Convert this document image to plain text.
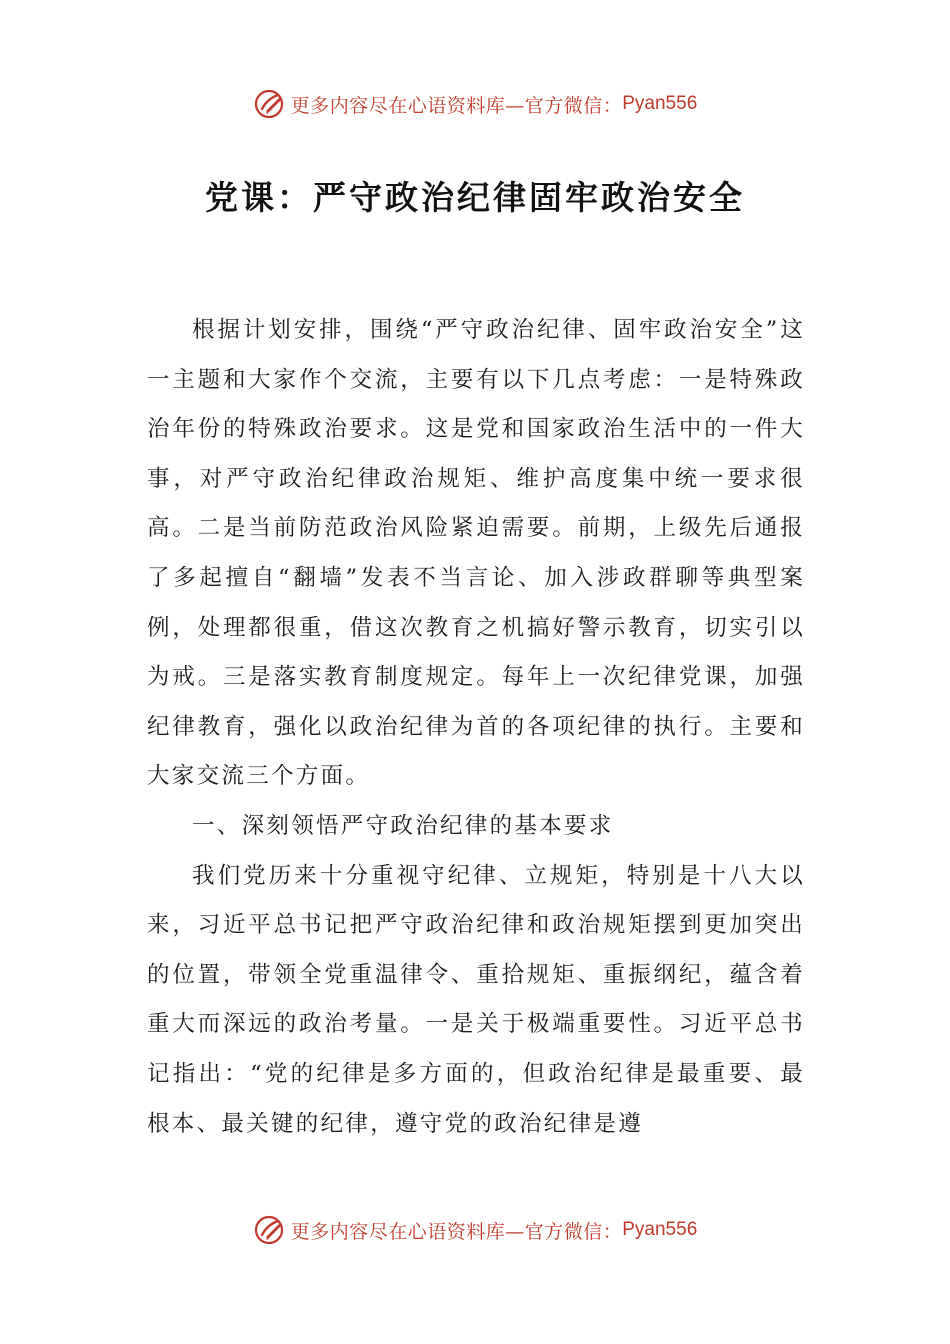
更多内容尽在心语资料库—官方微信： Pyan556
党课：严守政治纪律固牢政治安全

根据计划安排，围绕“严守政治纪律、固牢政治安全”这一主题和大家作个交流，主要有以下几点考虑：一是特殊政治年份的特殊政治要求。这是党和国家政治生活中的一件大事，对严守政治纪律政治规矩、维护高度集中统一要求很高。二是当前防范政治风险紧迫需要。前期，上级先后通报了多起擅自“翻墙”发表不当言论、加入涉政群聊等典型案例，处理都很重，借这次教育之机搞好警示教育，切实引以为戒。三是落实教育制度规定。每年上一次纪律党课，加强纪律教育，强化以政治纪律为首的各项纪律的执行。主要和大家交流三个方面。

一、深刻领悟严守政治纪律的基本要求

我们党历来十分重视守纪律、立规矩，特别是十八大以来，习近平总书记把严守政治纪律和政治规矩摆到更加突出的位置，带领全党重温律令、重拾规矩、重振纲纪，蕴含着重大而深远的政治考量。一是关于极端重要性。习近平总书记指出：“党的纪律是多方面的，但政治纪律是最重要、最根本、最关键的纪律，遵守党的政治纪律是遵

更多内容尽在心语资料库—官方微信： Pyan556
